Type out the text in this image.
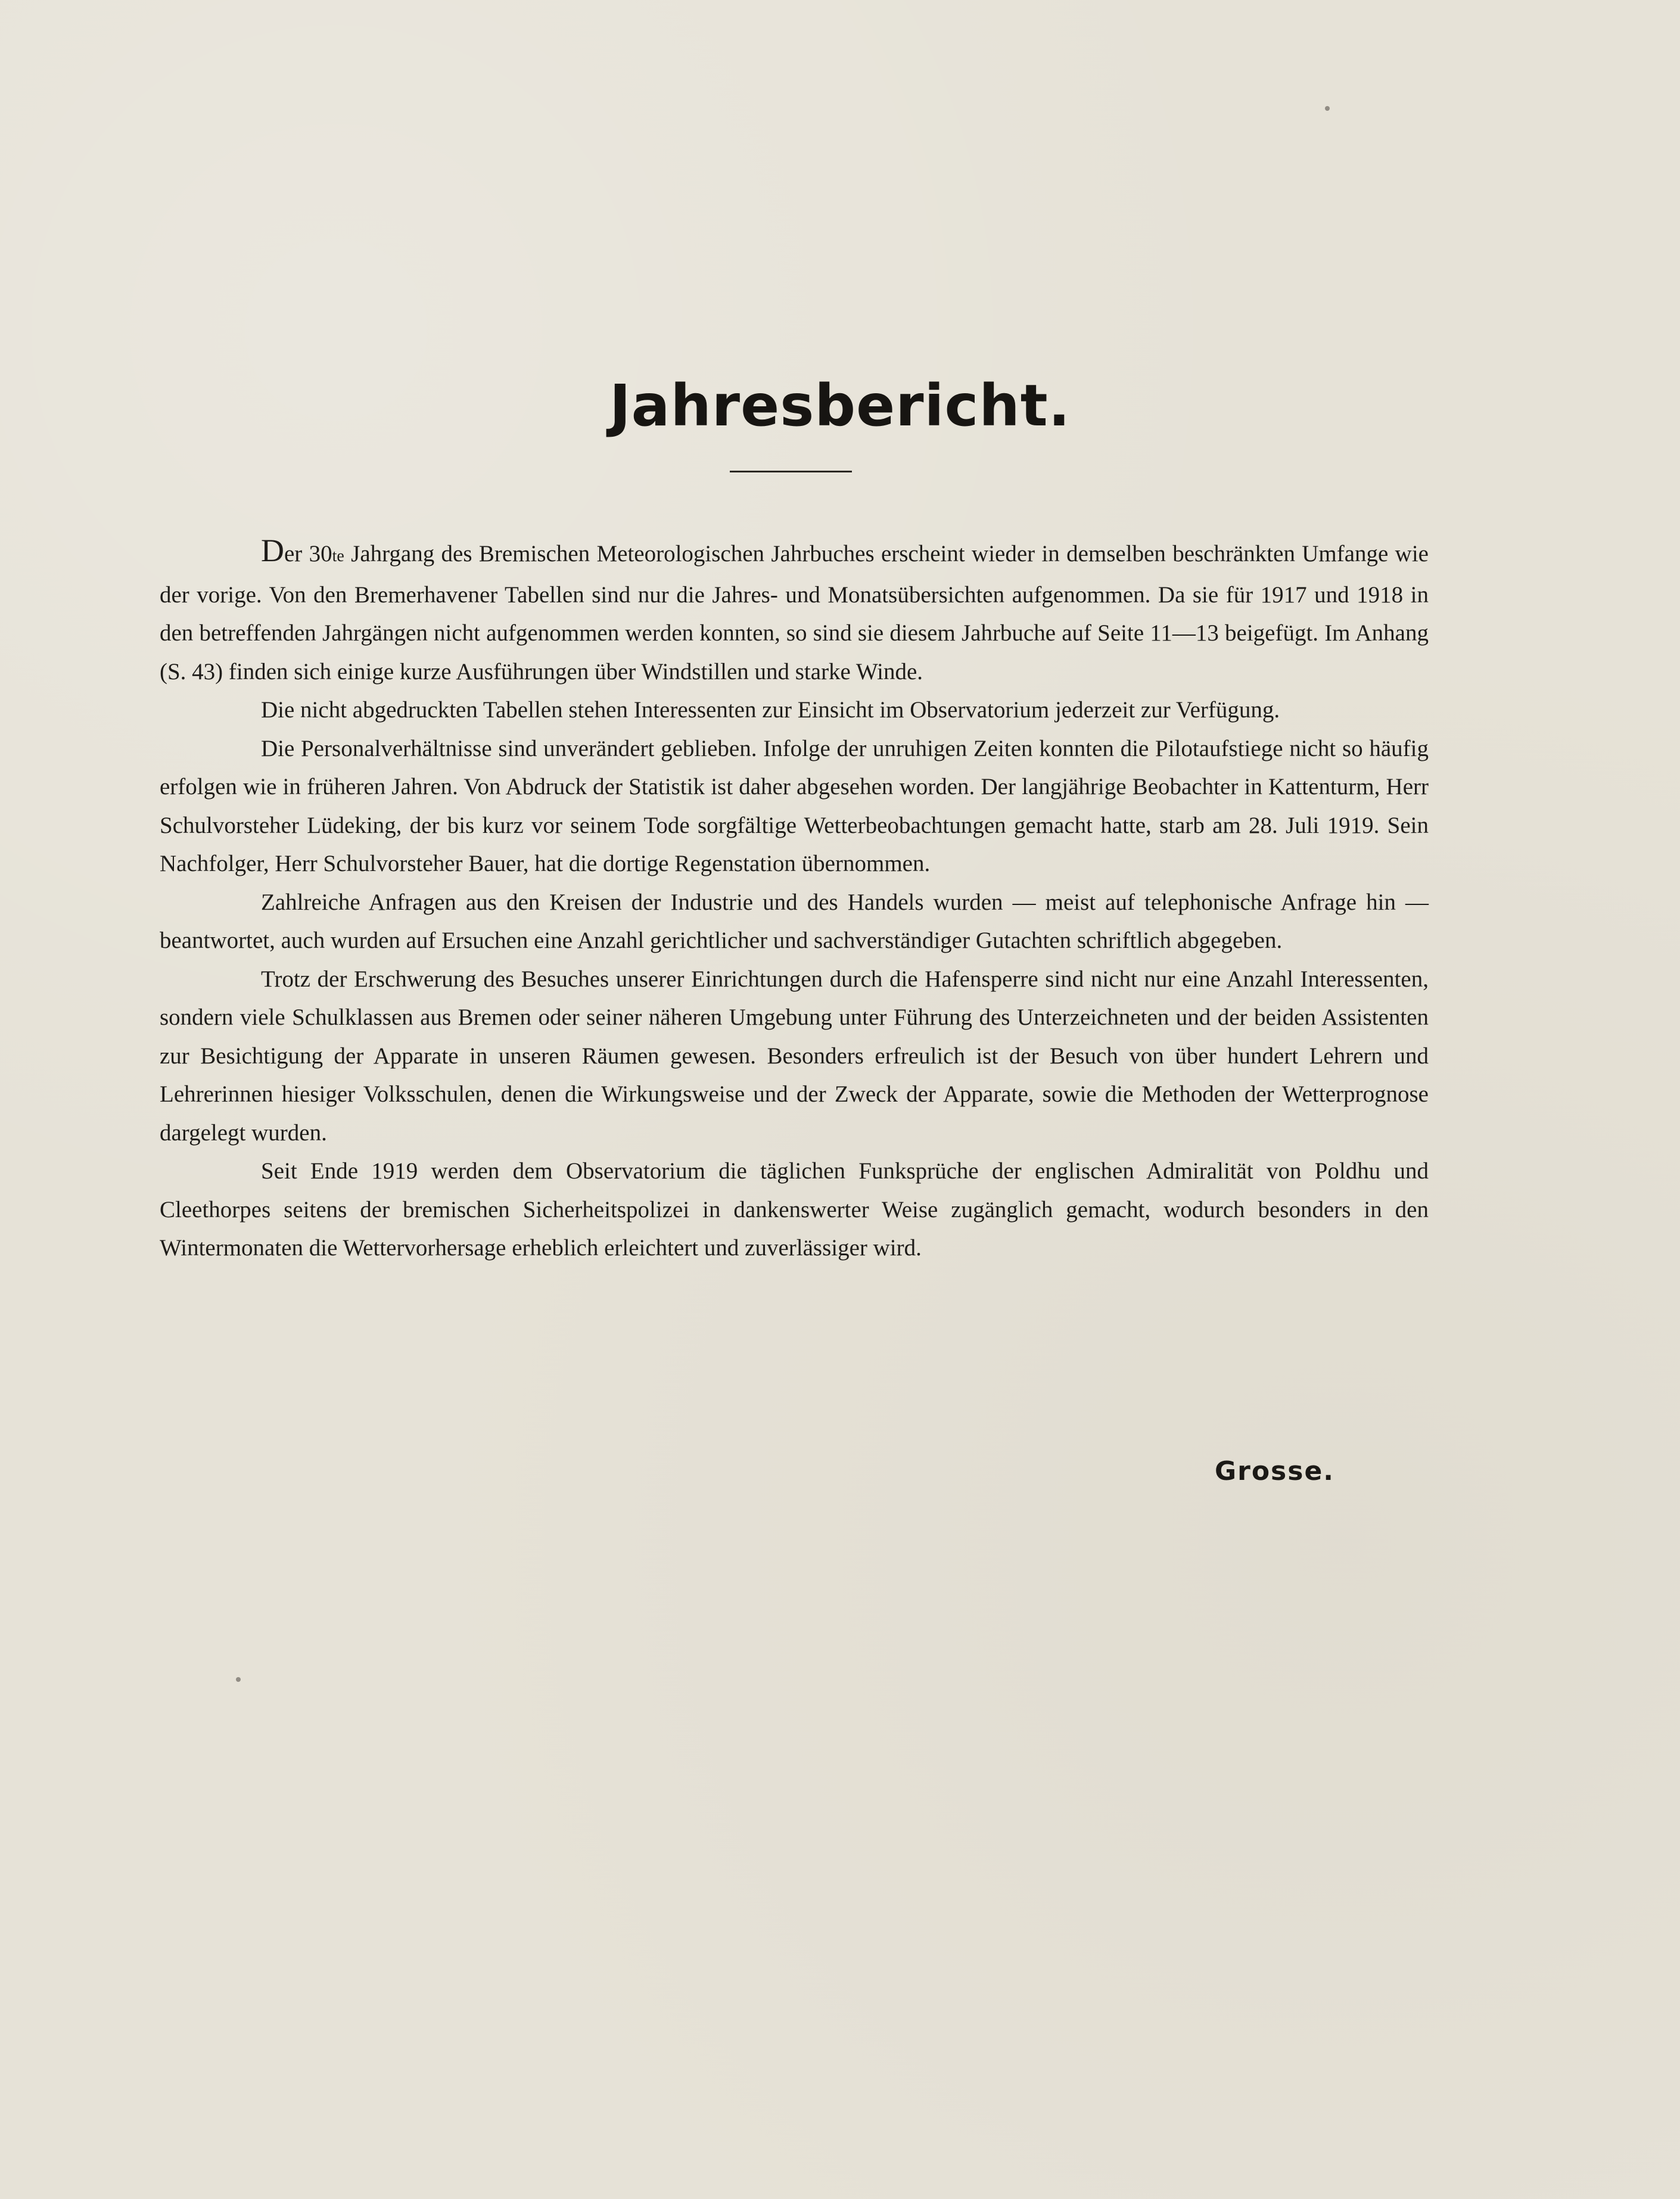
Jahresbericht.

Der 30te Jahrgang des Bremischen Meteorologischen Jahrbuches erscheint wieder in demselben beschränkten Umfange wie der vorige. Von den Bremerhavener Tabellen sind nur die Jahres- und Monatsübersichten aufgenommen. Da sie für 1917 und 1918 in den betreffenden Jahrgängen nicht aufgenommen werden konnten, so sind sie diesem Jahrbuche auf Seite 11—13 beigefügt. Im Anhang (S. 43) finden sich einige kurze Ausführungen über Windstillen und starke Winde.

Die nicht abgedruckten Tabellen stehen Interessenten zur Einsicht im Observatorium jederzeit zur Verfügung.

Die Personalverhältnisse sind unverändert geblieben. Infolge der unruhigen Zeiten konnten die Pilotaufstiege nicht so häufig erfolgen wie in früheren Jahren. Von Abdruck der Statistik ist daher abgesehen worden. Der langjährige Beobachter in Kattenturm, Herr Schulvorsteher Lüdeking, der bis kurz vor seinem Tode sorgfältige Wetterbeobachtungen gemacht hatte, starb am 28. Juli 1919. Sein Nachfolger, Herr Schulvorsteher Bauer, hat die dortige Regenstation übernommen.

Zahlreiche Anfragen aus den Kreisen der Industrie und des Handels wurden — meist auf telephonische Anfrage hin — beantwortet, auch wurden auf Ersuchen eine Anzahl gerichtlicher und sachverständiger Gutachten schriftlich abgegeben.

Trotz der Erschwerung des Besuches unserer Einrichtungen durch die Hafensperre sind nicht nur eine Anzahl Interessenten, sondern viele Schulklassen aus Bremen oder seiner näheren Umgebung unter Führung des Unterzeichneten und der beiden Assistenten zur Besichtigung der Apparate in unseren Räumen gewesen. Besonders erfreulich ist der Besuch von über hundert Lehrern und Lehrerinnen hiesiger Volksschulen, denen die Wirkungsweise und der Zweck der Apparate, sowie die Methoden der Wetterprognose dargelegt wurden.

Seit Ende 1919 werden dem Observatorium die täglichen Funksprüche der englischen Admiralität von Poldhu und Cleethorpes seitens der bremischen Sicherheitspolizei in dankenswerter Weise zugänglich gemacht, wodurch besonders in den Wintermonaten die Wettervorhersage erheblich erleichtert und zuverlässiger wird.

Grosse.
